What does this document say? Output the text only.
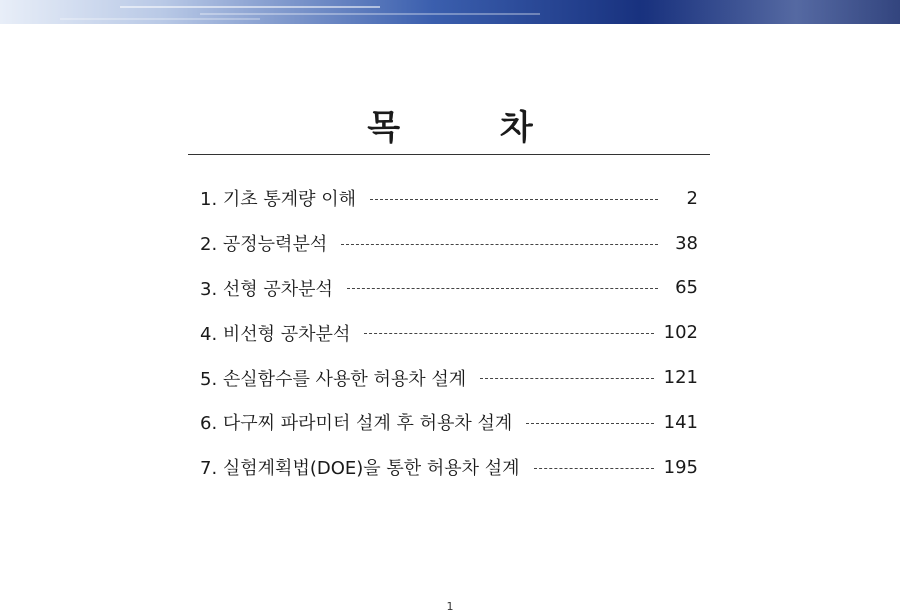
목 차
1. 기초 통계량 이해	2
2. 공정능력분석	38
3. 선형 공차분석	65
4. 비선형 공차분석	102
5. 손실함수를 사용한 허용차 설계	121
6. 다구찌 파라미터 설계 후 허용차 설계	141
7. 실험계획법(DOE)을 통한 허용차 설계	195
1
